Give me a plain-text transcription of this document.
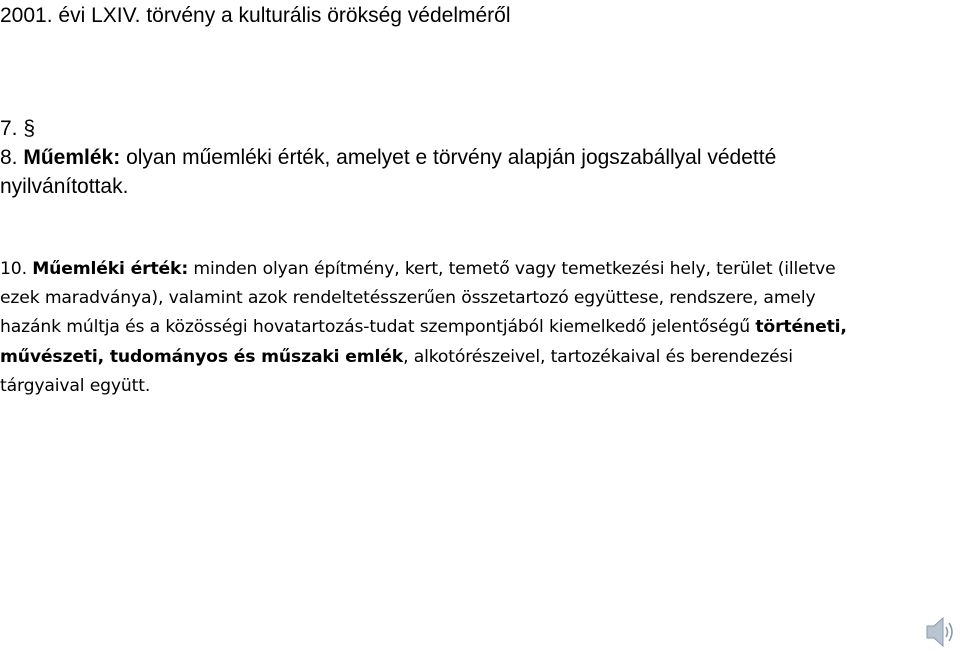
2001. évi LXIV. törvény a kulturális örökség védelméről
7. §
8. Műemlék: olyan műemléki érték, amelyet e törvény alapján jogszabállyal védetté nyilvánítottak.
10. Műemléki érték: minden olyan építmény, kert, temető vagy temetkezési hely, terület (illetve ezek maradványa), valamint azok rendeltetésszerűen összetartozó együttese, rendszere, amely hazánk múltja és a közösségi hovatartozás-tudat szempontjából kiemelkedő jelentőségű történeti, művészeti, tudományos és műszaki emlék, alkotórészeivel, tartozékaival és berendezési tárgyaival együtt.
